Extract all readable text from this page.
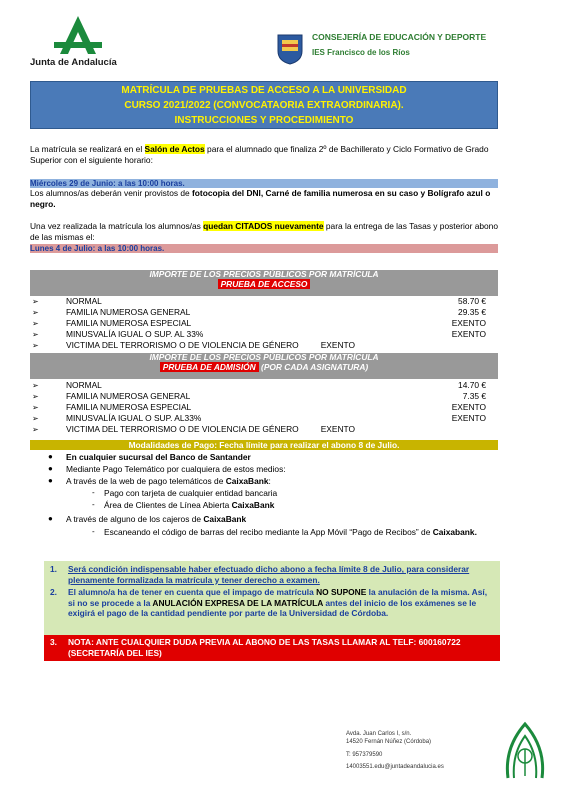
Junta de Andalucía
CONSEJERÍA DE EDUCACIÓN Y DEPORTE
IES Francisco de los Ríos
MATRÍCULA DE PRUEBAS DE ACCESO A LA UNIVERSIDAD
CURSO 2021/2022 (CONVOCATAORIA EXTRAORDINARIA).
INSTRUCCIONES Y PROCEDIMIENTO
La matrícula se realizará en el Salón de Actos para el alumnado que finaliza 2º de Bachillerato y Ciclo Formativo de Grado Superior con el siguiente horario:
Miércoles 29 de Junio: a las 10:00 horas.
Los alumnos/as deberán venir provistos de fotocopia del DNI, Carné de familia numerosa en su caso y Bolígrafo azul o negro.
Una vez realizada la matrícula los alumnos/as quedan CITADOS nuevamente para la entrega de las Tasas y posterior abono de las mismas el:
Lunes 4 de Julio: a las 10:00 horas.
IMPORTE DE LOS PRECIOS PÚBLICOS POR MATRÍCULA
PRUEBA DE ACCESO
➢	NORMAL	58.70 €
➢	FAMILIA NUMEROSA GENERAL	29.35 €
➢	FAMILIA NUMEROSA ESPECIAL	EXENTO
➢	MINUSVALÍA IGUAL O SUP. AL 33%	EXENTO
➢	VICTIMA DEL TERRORISMO O DE VIOLENCIA DE GÉNERO	EXENTO
IMPORTE DE LOS PRECIOS PÚBLICOS POR MATRÍCULA
PRUEBA DE ADMISIÓN (POR CADA ASIGNATURA)
➢	NORMAL	14.70 €
➢	FAMILIA NUMEROSA GENERAL	7.35 €
➢	FAMILIA NUMEROSA ESPECIAL	EXENTO
➢	MINUSVALÍA IGUAL O SUP. AL33%	EXENTO
➢	VICTIMA DEL TERRORISMO O DE VIOLENCIA DE GÉNERO	EXENTO
Modalidades de Pago: Fecha límite para realizar el abono 8 de Julio.
● En cualquier sucursal del Banco de Santander
● Mediante Pago Telemático por cualquiera de estos medios:
● A través de la web de pago telemáticos de CaixaBank:
- Pago con tarjeta de cualquier entidad bancaria
- Área de Clientes de Línea Abierta CaixaBank
● A través de alguno de los cajeros de CaixaBank
- Escaneando el código de barras del recibo mediante la App Móvil “Pago de Recibos” de Caixabank.
1. Será condición indispensable haber efectuado dicho abono a fecha límite 8 de Julio, para considerar plenamente formalizada la matrícula y tener derecho a examen.
2. El alumno/a ha de tener en cuenta que el impago de matrícula NO SUPONE la anulación de la misma. Así, si no se procede a la ANULACIÓN EXPRESA DE LA MATRÍCULA antes del inicio de los exámenes se le exigirá el pago de la cantidad pendiente por parte de la Universidad de Córdoba.
3. NOTA: ANTE CUALQUIER DUDA PREVIA AL ABONO DE LAS TASAS LLAMAR AL TELF: 600160722 (SECRETARÍA DEL IES)
Avda. Juan Carlos I, s/n.
14520 Fernán Núñez (Córdoba)
T: 957379590
14003551.edu@juntadeandalucia.es
